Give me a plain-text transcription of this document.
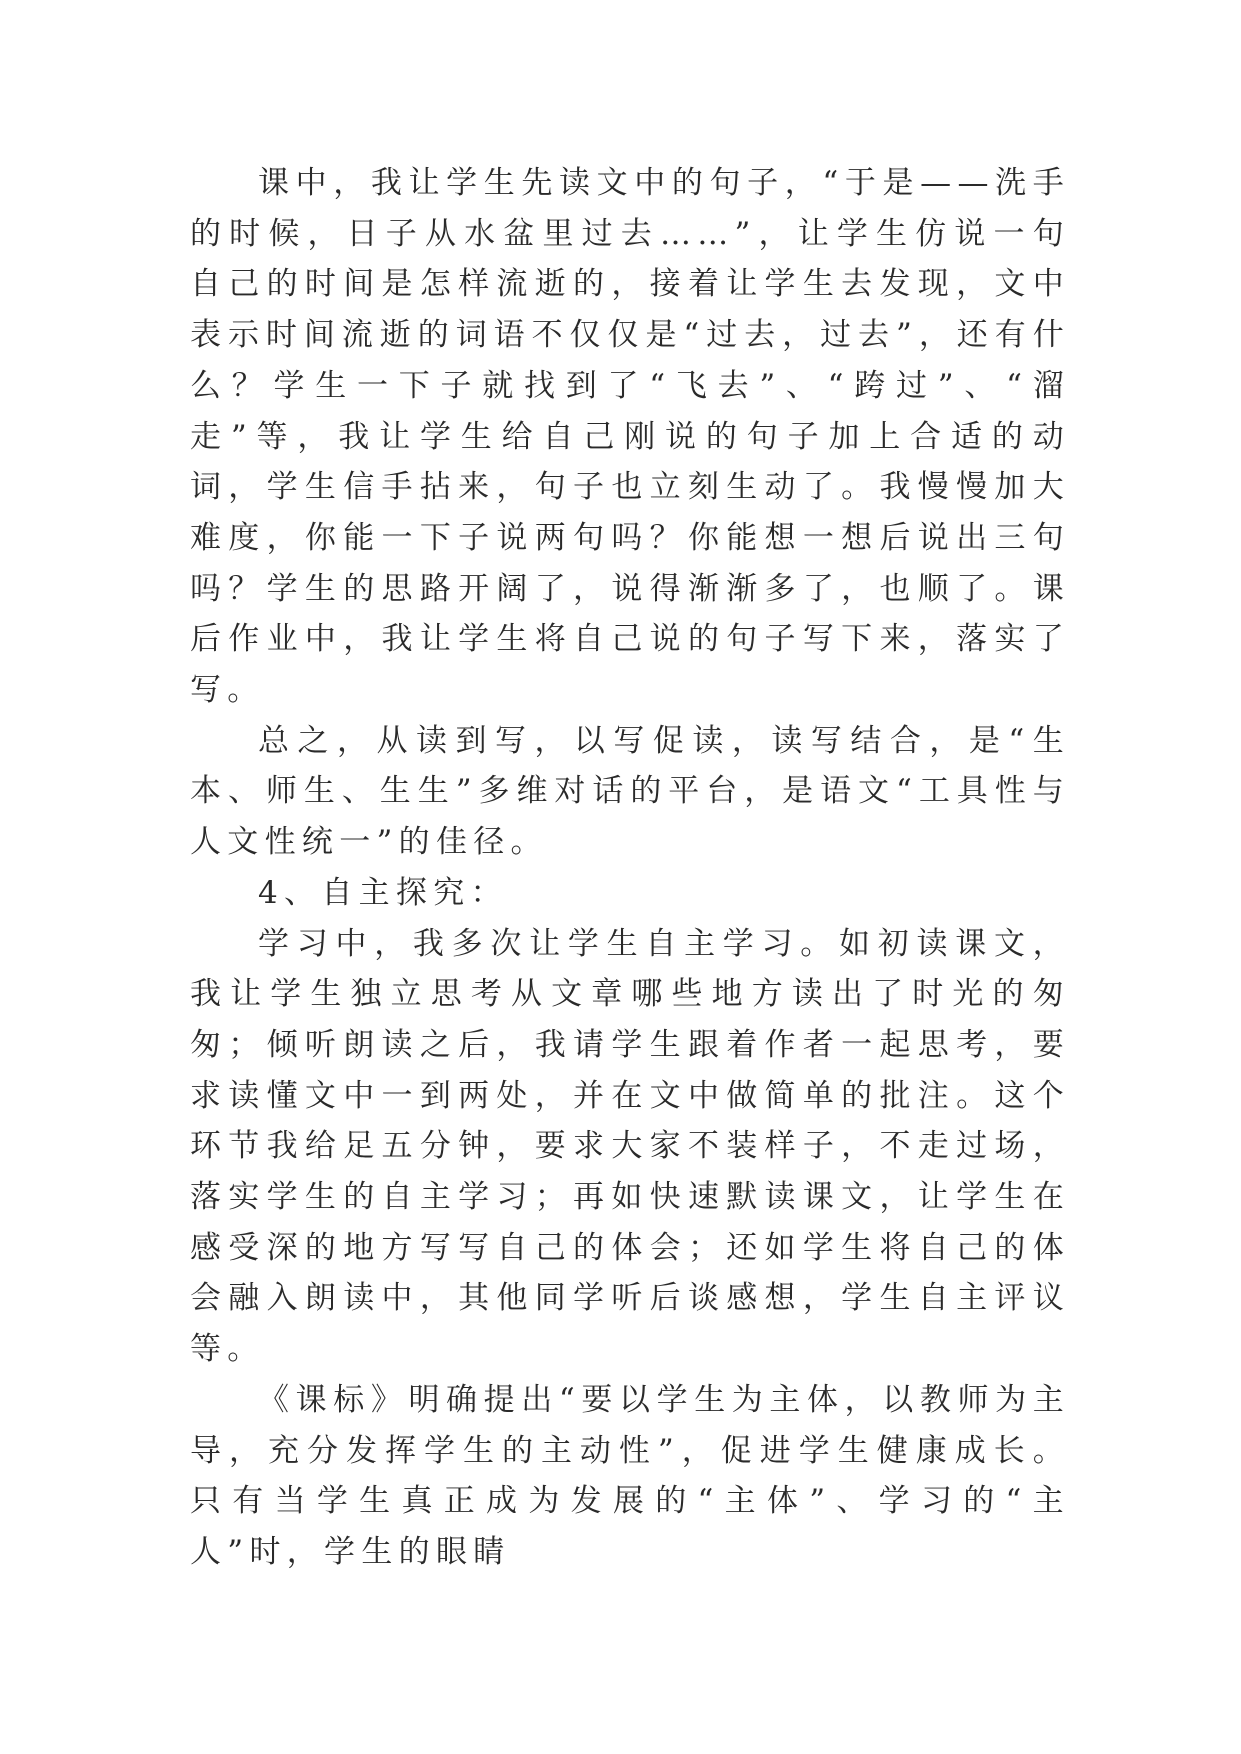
课中，我让学生先读文中的句子，“于是——洗手的时候，日子从水盆里过去……”，让学生仿说一句自己的时间是怎样流逝的，接着让学生去发现，文中表示时间流逝的词语不仅仅是“过去，过去”，还有什么？学生一下子就找到了“飞去”、“跨过”、“溜走”等，我让学生给自己刚说的句子加上合适的动词，学生信手拈来，句子也立刻生动了。我慢慢加大难度，你能一下子说两句吗？你能想一想后说出三句吗？学生的思路开阔了，说得渐渐多了，也顺了。课后作业中，我让学生将自己说的句子写下来，落实了写。

总之，从读到写，以写促读，读写结合，是“生本、师生、生生”多维对话的平台，是语文“工具性与人文性统一”的佳径。

4、自主探究：

学习中，我多次让学生自主学习。如初读课文，我让学生独立思考从文章哪些地方读出了时光的匆匆；倾听朗读之后，我请学生跟着作者一起思考，要求读懂文中一到两处，并在文中做简单的批注。这个环节我给足五分钟，要求大家不装样子，不走过场，落实学生的自主学习；再如快速默读课文，让学生在感受深的地方写写自己的体会；还如学生将自己的体会融入朗读中，其他同学听后谈感想，学生自主评议等。

《课标》明确提出“要以学生为主体，以教师为主导，充分发挥学生的主动性”，促进学生健康成长。只有当学生真正成为发展的“主体”、学习的“主人”时，学生的眼睛
